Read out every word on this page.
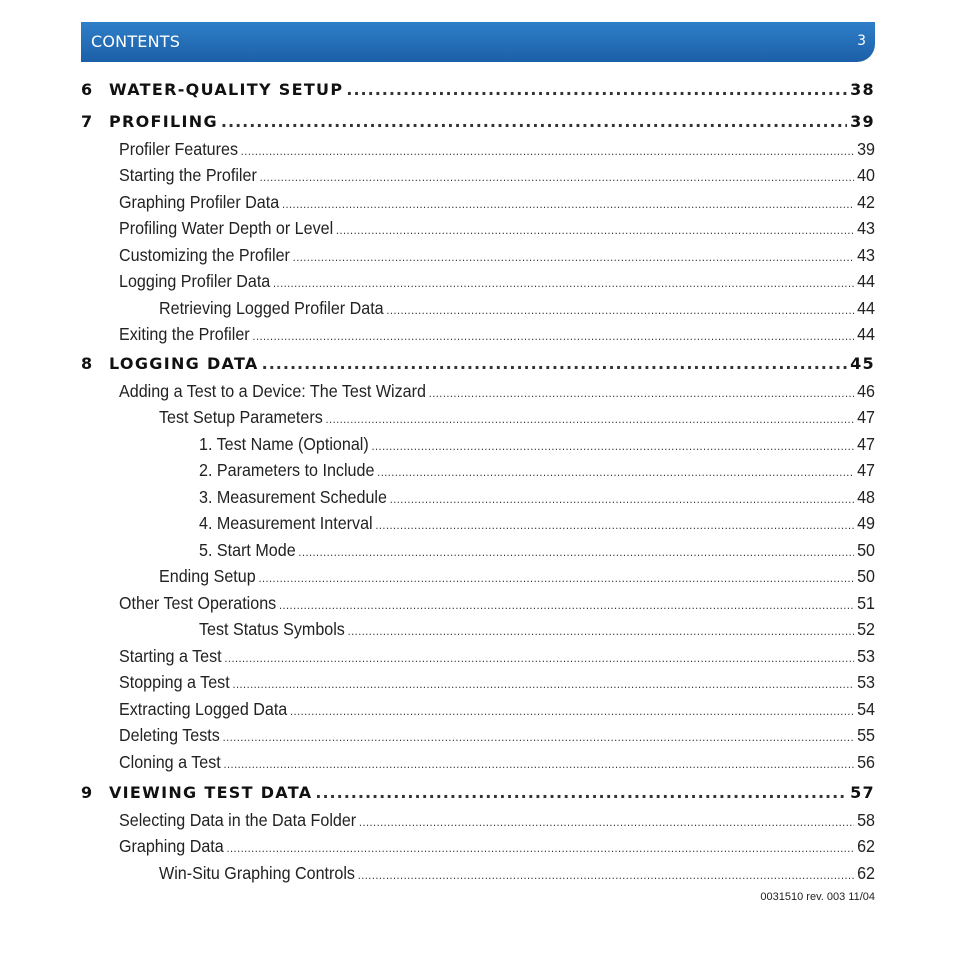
CONTENTS	3
6 WATER-QUALITY SETUP .....	38
7 PROFILING .....	39
Profiler Features .....	39
Starting the Profiler .....	40
Graphing Profiler Data .....	42
Profiling Water Depth or Level .....	43
Customizing the Profiler .....	43
Logging Profiler Data .....	44
Retrieving Logged Profiler Data .....	44
Exiting the Profiler .....	44
8 LOGGING DATA .....	45
Adding a Test to a Device: The Test Wizard .....	46
Test Setup Parameters .....	47
1. Test Name (Optional) .....	47
2. Parameters to Include .....	47
3. Measurement Schedule .....	48
4. Measurement Interval .....	49
5. Start Mode .....	50
Ending Setup .....	50
Other Test Operations .....	51
Test Status Symbols .....	52
Starting a Test .....	53
Stopping a Test .....	53
Extracting Logged Data .....	54
Deleting Tests .....	55
Cloning a Test .....	56
9 VIEWING TEST DATA .....	57
Selecting Data in the Data Folder .....	58
Graphing Data .....	62
Win-Situ Graphing Controls .....	62
0031510 rev. 003 11/04
